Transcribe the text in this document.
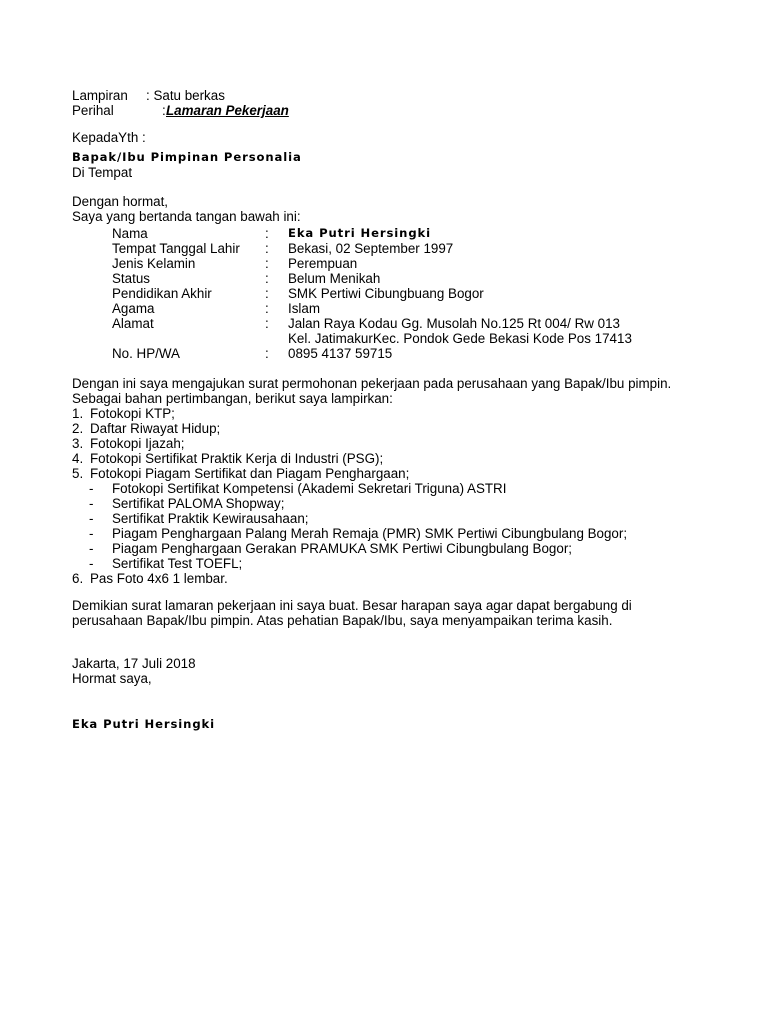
Lampiran : Satu berkas
Perihal	: Lamaran Pekerjaan
KepadaYth :
Bapak/Ibu Pimpinan Personalia
Di Tempat
Dengan hormat,
Saya yang bertanda tangan bawah ini:
Nama	: Eka Putri Hersingki
Tempat Tanggal Lahir : Bekasi, 02 September 1997
Jenis Kelamin	: Perempuan
Status	: Belum Menikah
Pendidikan Akhir	: SMK Pertiwi Cibungbuang Bogor
Agama	: Islam
Alamat	: Jalan Raya Kodau Gg. Musolah No.125 Rt 004/ Rw 013
Kel. JatimakurKec. Pondok Gede Bekasi Kode Pos 17413
No. HP/WA	: 0895 4137 59715
Dengan ini saya mengajukan surat permohonan pekerjaan pada perusahaan yang Bapak/Ibu pimpin.
Sebagai bahan pertimbangan, berikut saya lampirkan:
1. Fotokopi KTP;
2. Daftar Riwayat Hidup;
3. Fotokopi Ijazah;
4. Fotokopi Sertifikat Praktik Kerja di Industri (PSG);
5. Fotokopi Piagam Sertifikat dan Piagam Penghargaan;
- Fotokopi Sertifikat Kompetensi (Akademi Sekretari Triguna) ASTRI
- Sertifikat PALOMA Shopway;
- Sertifikat Praktik Kewirausahaan;
- Piagam Penghargaan Palang Merah Remaja (PMR) SMK Pertiwi Cibungbulang Bogor;
- Piagam Penghargaan Gerakan PRAMUKA SMK Pertiwi Cibungbulang Bogor;
- Sertifikat Test TOEFL;
6. Pas Foto 4x6 1 lembar.
Demikian surat lamaran pekerjaan ini saya buat. Besar harapan saya agar dapat bergabung di
perusahaan Bapak/Ibu pimpin. Atas pehatian Bapak/Ibu, saya menyampaikan terima kasih.
Jakarta, 17 Juli 2018
Hormat saya,
Eka Putri Hersingki
